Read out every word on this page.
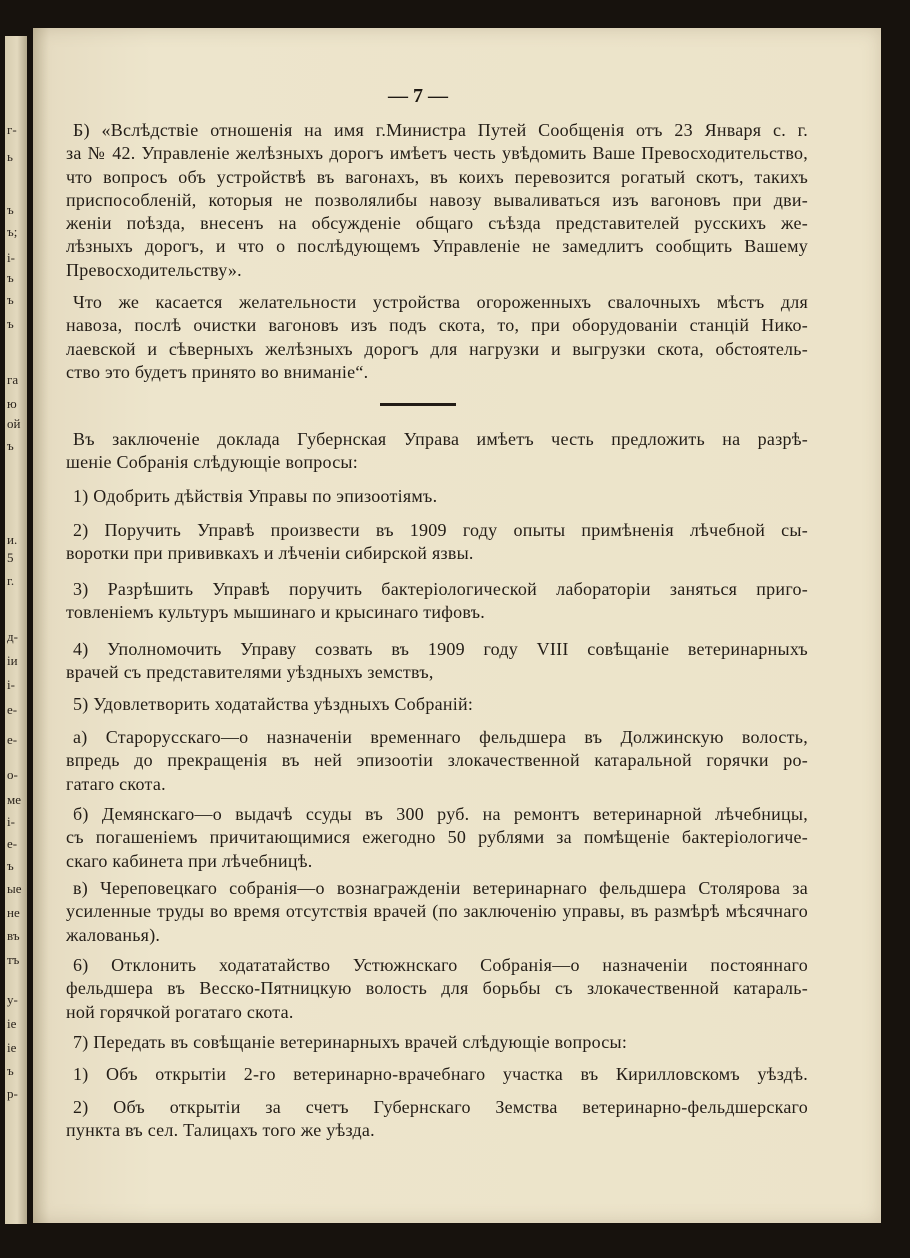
г-
ь
ъ
ъ;
і-
ъ
ъ
ъ
га
ю
ой
ъ
и.
5
г.
д-
іи
і-
е-
е-
о-
ме
і-
е-
ъ
ые
не
въ
тъ
у-
іе
іе
ъ
р-
— 7 —
Б) «Вслѣдствіе отношенія на имя г.Министра Путей Сообщенія отъ 23 Января с. г.
за № 42. Управленіе желѣзныхъ дорогъ имѣетъ честь увѣдомить Ваше Превосходительство,
что вопросъ объ устройствѣ въ вагонахъ, въ коихъ перевозится рогатый скотъ, такихъ
приспособленій, которыя не позволялибы навозу вываливаться изъ вагоновъ при дви-
женіи поѣзда, внесенъ на обсужденіе общаго съѣзда представителей русскихъ же-
лѣзныхъ дорогъ, и что о послѣдующемъ Управленіе не замедлитъ сообщить Вашему
Превосходительству».
Что же касается желательности устройства огороженныхъ свалочныхъ мѣстъ для
навоза, послѣ очистки вагоновъ изъ подъ скота, то, при оборудованіи станцій Нико-
лаевской и сѣверныхъ желѣзныхъ дорогъ для нагрузки и выгрузки скота, обстоятель-
ство это будетъ принято во вниманіе“.
Въ заключеніе доклада Губернская Управа имѣетъ честь предложить на разрѣ-
шеніе Собранія слѣдующіе вопросы:
1) Одобрить дѣйствія Управы по эпизоотіямъ.
2) Поручить Управѣ произвести въ 1909 году опыты примѣненія лѣчебной сы-
воротки при прививкахъ и лѣченіи сибирской язвы.
3) Разрѣшить Управѣ поручить бактеріологической лабораторіи заняться приго-
товленіемъ культуръ мышинаго и крысинаго тифовъ.
4) Уполномочить Управу созвать въ 1909 году VIII совѣщаніе ветеринарныхъ
врачей съ представителями уѣздныхъ земствъ,
5) Удовлетворить ходатайства уѣздныхъ Собраній:
а) Старорусскаго—о назначеніи временнаго фельдшера въ Должинскую волость,
впредь до прекращенія въ ней эпизоотіи злокачественной катаральной горячки ро-
гатаго скота.
б) Демянскаго—о выдачѣ ссуды въ 300 руб. на ремонтъ ветеринарной лѣчебницы,
съ погашеніемъ причитающимися ежегодно 50 рублями за помѣщеніе бактеріологиче-
скаго кабинета при лѣчебницѣ.
в) Череповецкаго собранія—о вознагражденіи ветеринарнаго фельдшера Столярова за
усиленные труды во время отсутствія врачей (по заключенію управы, въ размѣрѣ мѣсячнаго
жалованья).
6) Отклонить ходататайство Устюжнскаго Собранія—о назначеніи постояннаго
фельдшера въ Весско-Пятницкую волость для борьбы съ злокачественной катараль-
ной горячкой рогатаго скота.
7) Передать въ совѣщаніе ветеринарныхъ врачей слѣдующіе вопросы:
1) Объ открытіи 2-го ветеринарно-врачебнаго участка въ Кирилловскомъ уѣздѣ.
2) Объ открытіи за счетъ Губернскаго Земства ветеринарно-фельдшерскаго
пункта въ сел. Талицахъ того же уѣзда.
